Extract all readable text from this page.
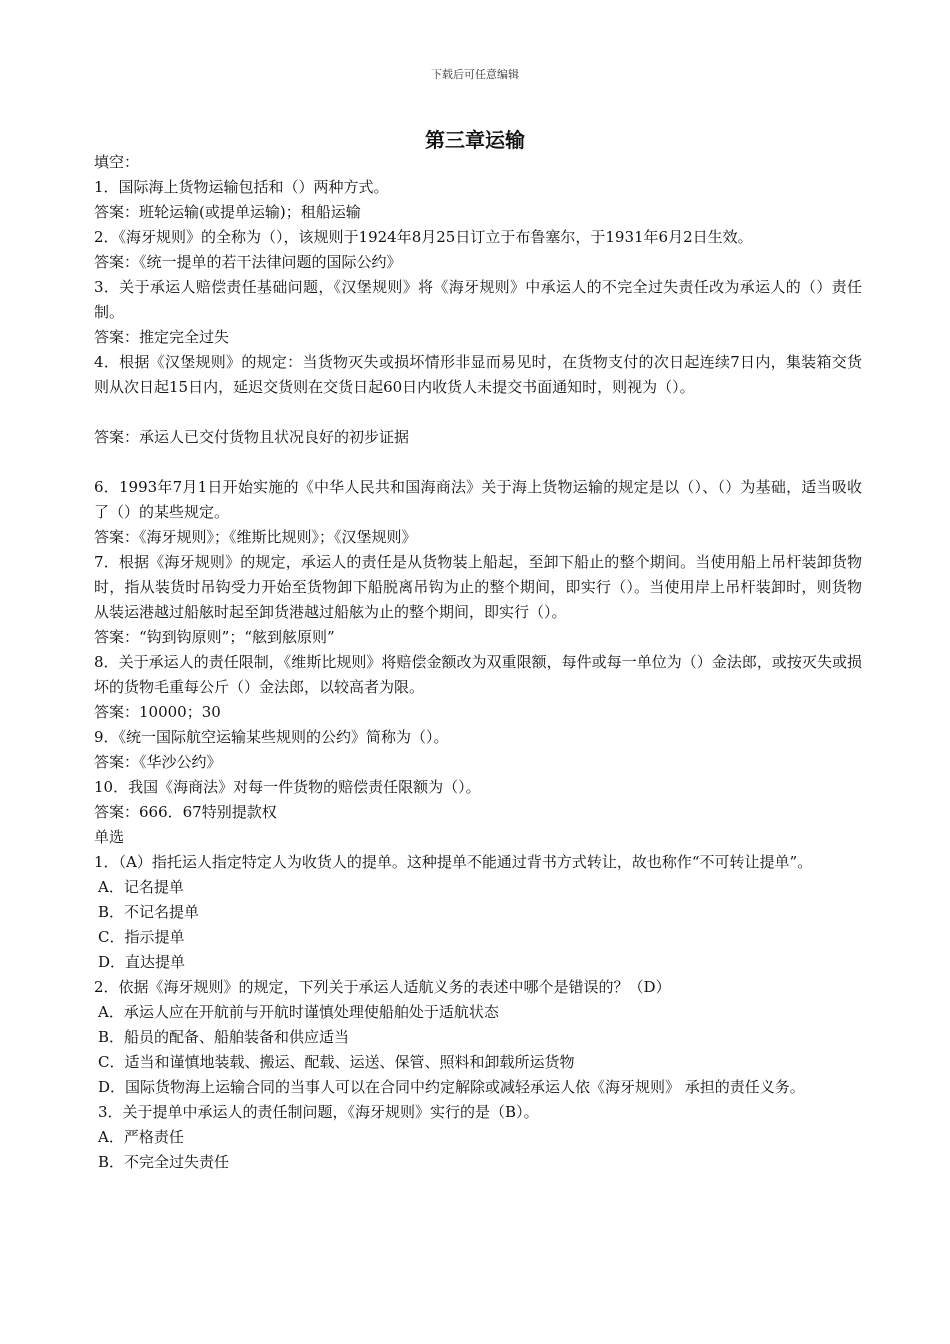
下载后可任意编辑
第三章运输

填空：

1．国际海上货物运输包括和（）两种方式。

答案：班轮运输(或提单运输)；租船运输

2．《海牙规则》的全称为（），该规则于1924年8月25日订立于布鲁塞尔，于1931年6月2日生效。

答案：《统一提单的若干法律问题的国际公约》

3．关于承运人赔偿责任基础问题，《汉堡规则》将《海牙规则》中承运人的不完全过失责任改为承运人的（）责任制。

答案：推定完全过失

4．根据《汉堡规则》的规定：当货物灭失或损坏情形非显而易见时，在货物支付的次日起连续7日内，集装箱交货则从次日起15日内，延迟交货则在交货日起60日内收货人未提交书面通知时，则视为（）。

答案：承运人已交付货物且状况良好的初步证据

6．1993年7月1日开始实施的《中华人民共和国海商法》关于海上货物运输的规定是以（）、（）为基础，适当吸收了（）的某些规定。

答案：《海牙规则》；《维斯比规则》；《汉堡规则》

7．根据《海牙规则》的规定，承运人的责任是从货物装上船起，至卸下船止的整个期间。当使用船上吊杆装卸货物时，指从装货时吊钩受力开始至货物卸下船脱离吊钩为止的整个期间，即实行（）。当使用岸上吊杆装卸时，则货物从装运港越过船舷时起至卸货港越过船舷为止的整个期间，即实行（）。

答案：“钩到钩原则”；“舷到舷原则”

8．关于承运人的责任限制，《维斯比规则》将赔偿金额改为双重限额，每件或每一单位为（）金法郎，或按灭失或损坏的货物毛重每公斤（）金法郎，以较高者为限。

答案：10000；30

9．《统一国际航空运输某些规则的公约》简称为（）。

答案：《华沙公约》

10．我国《海商法》对每一件货物的赔偿责任限额为（）。

答案：666．67特别提款权

单选

1．（A）指托运人指定特定人为收货人的提单。这种提单不能通过背书方式转让，故也称作“不可转让提单”。

A．记名提单

B．不记名提单

C．指示提单

D．直达提单

2．依据《海牙规则》的规定，下列关于承运人适航义务的表述中哪个是错误的？（D）

A．承运人应在开航前与开航时谨慎处理使船舶处于适航状态

B．船员的配备、船舶装备和供应适当

C．适当和谨慎地装载、搬运、配载、运送、保管、照料和卸载所运货物

D．国际货物海上运输合同的当事人可以在合同中约定解除或减轻承运人依《海牙规则》 承担的责任义务。

3．关于提单中承运人的责任制问题，《海牙规则》实行的是（B）。

A．严格责任

B．不完全过失责任
